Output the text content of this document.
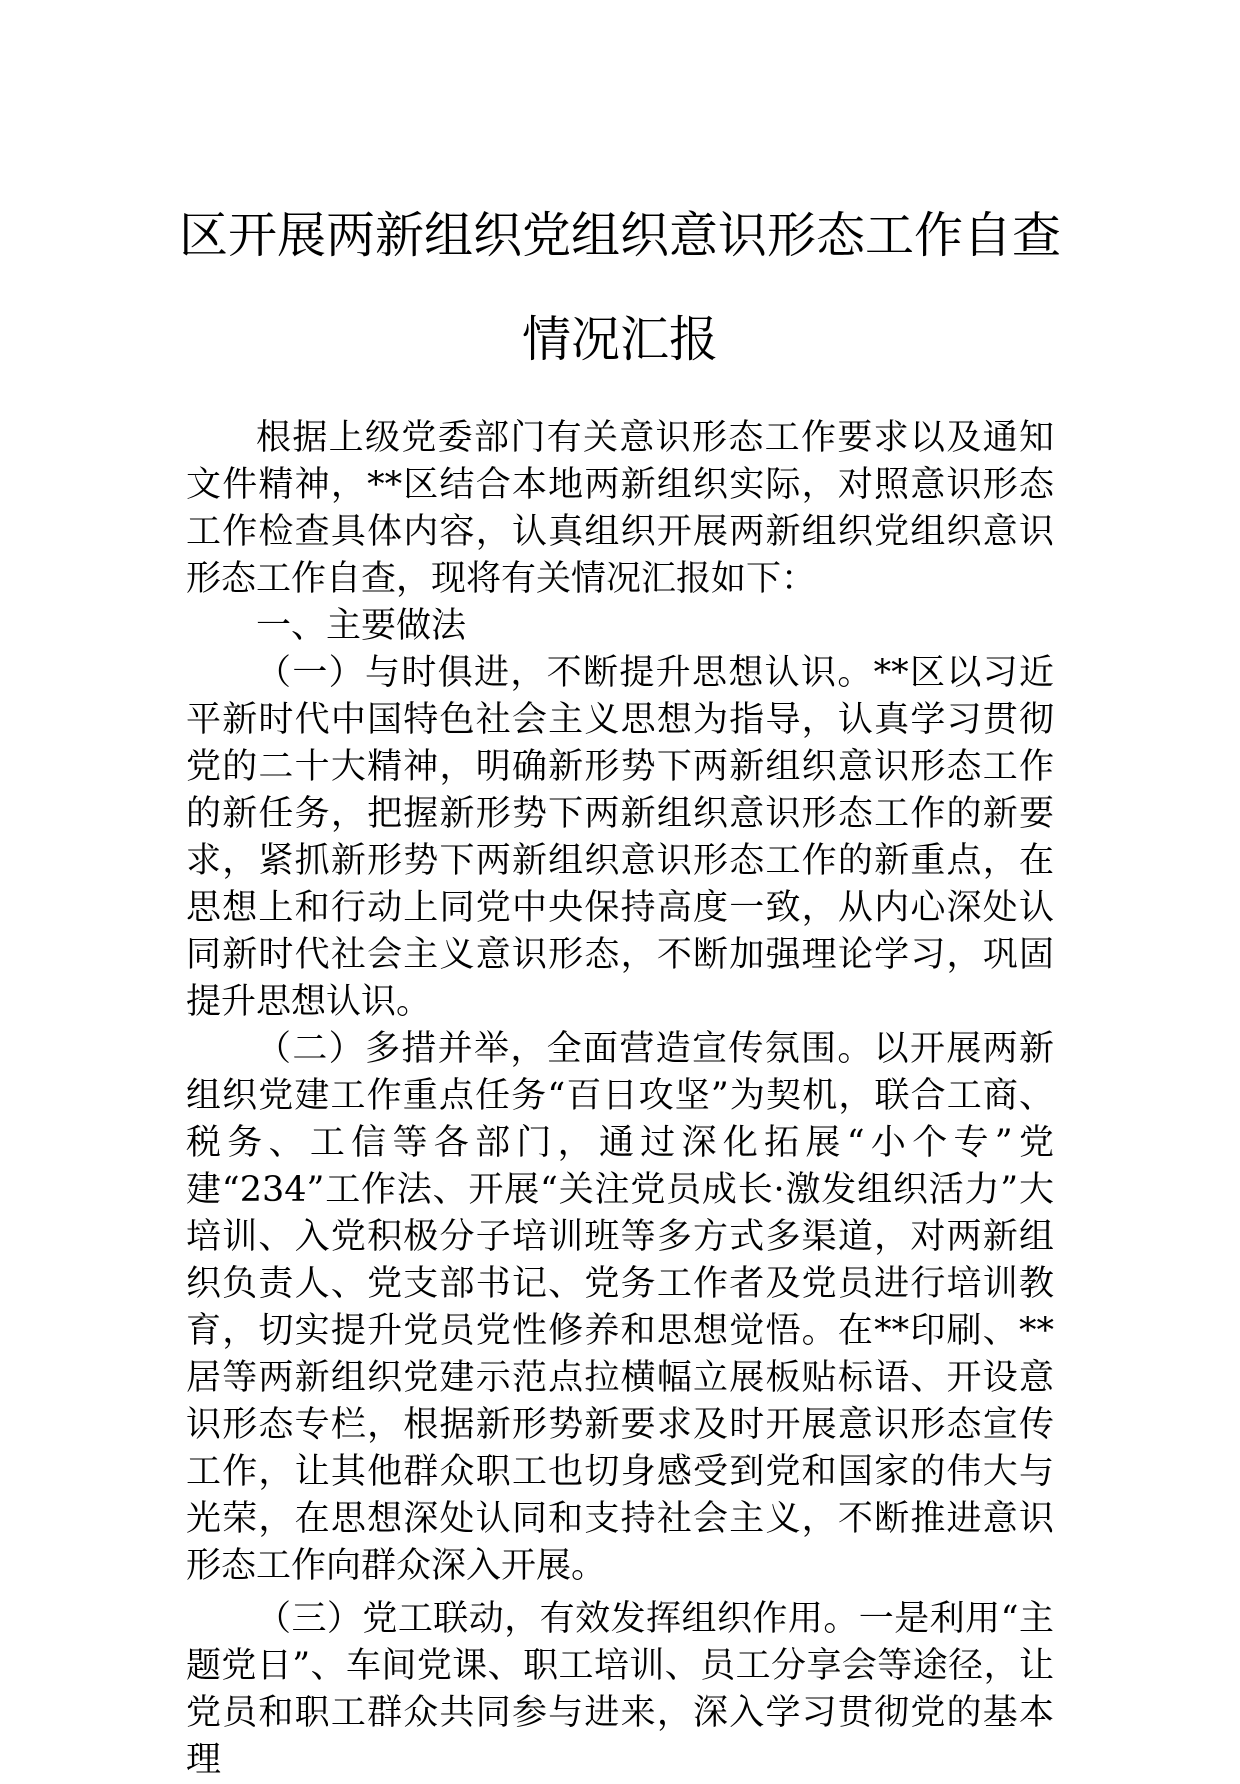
区开展两新组织党组织意识形态工作自查
情况汇报

根据上级党委部门有关意识形态工作要求以及通知文件精神，**区结合本地两新组织实际，对照意识形态工作检查具体内容，认真组织开展两新组织党组织意识形态工作自查，现将有关情况汇报如下：

一、主要做法

（一）与时俱进，不断提升思想认识。**区以习近平新时代中国特色社会主义思想为指导，认真学习贯彻党的二十大精神，明确新形势下两新组织意识形态工作的新任务，把握新形势下两新组织意识形态工作的新要求，紧抓新形势下两新组织意识形态工作的新重点，在思想上和行动上同党中央保持高度一致，从内心深处认同新时代社会主义意识形态，不断加强理论学习，巩固提升思想认识。

（二）多措并举，全面营造宣传氛围。以开展两新组织党建工作重点任务“百日攻坚”为契机，联合工商、税务、工信等各部门，通过深化拓展“小个专”党建“234”工作法、开展“关注党员成长·激发组织活力”大培训、入党积极分子培训班等多方式多渠道，对两新组织负责人、党支部书记、党务工作者及党员进行培训教育，切实提升党员党性修养和思想觉悟。在**印刷、**居等两新组织党建示范点拉横幅立展板贴标语、开设意识形态专栏，根据新形势新要求及时开展意识形态宣传工作，让其他群众职工也切身感受到党和国家的伟大与光荣，在思想深处认同和支持社会主义，不断推进意识形态工作向群众深入开展。

（三）党工联动，有效发挥组织作用。一是利用“主题党日”、车间党课、职工培训、员工分享会等途径，让党员和职工群众共同参与进来，深入学习贯彻党的基本理
